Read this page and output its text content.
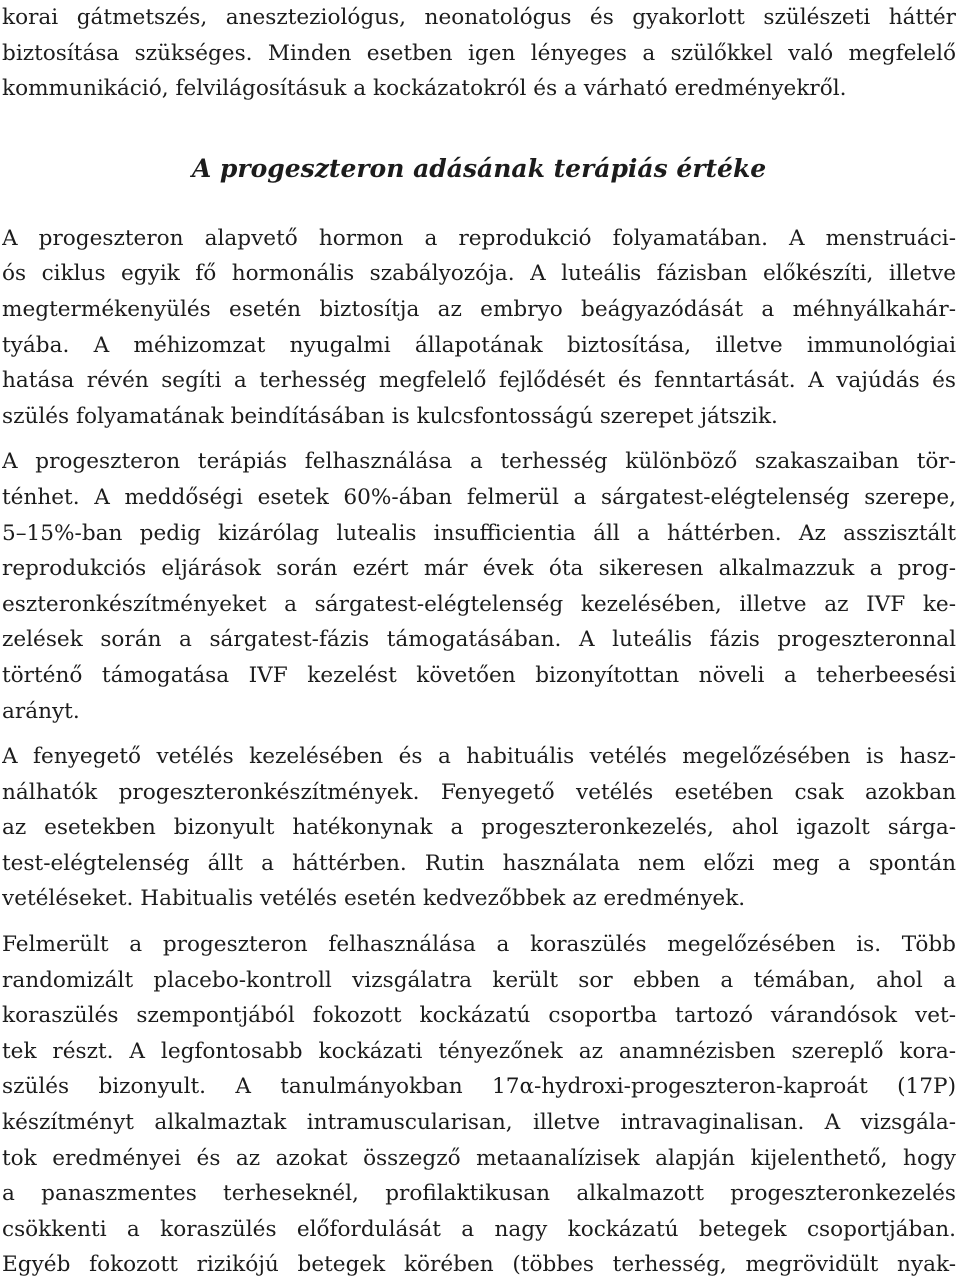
korai gátmetszés, aneszteziológus, neonatológus és gyakorlott szülészeti háttér
biztosítása szükséges. Minden esetben igen lényeges a szülőkkel való megfelelő
kommunikáció, felvilágosításuk a kockázatokról és a várható eredményekről.
A progeszteron adásának terápiás értéke
A progeszteron alapvető hormon a reprodukció folyamatában. A menstruáci-
ós ciklus egyik fő hormonális szabályozója. A luteális fázisban előkészíti, illetve
megtermékenyülés esetén biztosítja az embryo beágyazódását a méhnyálkahár-
tyába. A méhizomzat nyugalmi állapotának biztosítása, illetve immunológiai
hatása révén segíti a terhesség megfelelő fejlődését és fenntartását. A vajúdás és
szülés folyamatának beindításában is kulcsfontosságú szerepet játszik.
A progeszteron terápiás felhasználása a terhesség különböző szakaszaiban tör-
ténhet. A meddőségi esetek 60%-ában felmerül a sárgatest-elégtelenség szerepe,
5–15%-ban pedig kizárólag lutealis insufficientia áll a háttérben. Az asszisztált
reprodukciós eljárások során ezért már évek óta sikeresen alkalmazzuk a prog-
eszteronkészítményeket a sárgatest-elégtelenség kezelésében, illetve az IVF ke-
zelések során a sárgatest-fázis támogatásában. A luteális fázis progeszteronnal
történő támogatása IVF kezelést követően bizonyítottan növeli a teherbeesési
arányt.
A fenyegető vetélés kezelésében és a habituális vetélés megelőzésében is hasz-
nálhatók progeszteronkészítmények. Fenyegető vetélés esetében csak azokban
az esetekben bizonyult hatékonynak a progeszteronkezelés, ahol igazolt sárga-
test-elégtelenség állt a háttérben. Rutin használata nem előzi meg a spontán
vetéléseket. Habitualis vetélés esetén kedvezőbbek az eredmények.
Felmerült a progeszteron felhasználása a koraszülés megelőzésében is. Több
randomizált placebo-kontroll vizsgálatra került sor ebben a témában, ahol a
koraszülés szempontjából fokozott kockázatú csoportba tartozó várandósok vet-
tek részt. A legfontosabb kockázati tényezőnek az anamnézisben szereplő kora-
szülés bizonyult. A tanulmányokban 17α-hydroxi-progeszteron-kaproát (17P)
készítményt alkalmaztak intramuscularisan, illetve intravaginalisan. A vizsgála-
tok eredményei és az azokat összegző metaanalízisek alapján kijelenthető, hogy
a panaszmentes terheseknél, profilaktikusan alkalmazott progeszteronkezelés
csökkenti a koraszülés előfordulását a nagy kockázatú betegek csoportjában.
Egyéb fokozott rizikójú betegek körében (többes terhesség, megrövidült nyak-
